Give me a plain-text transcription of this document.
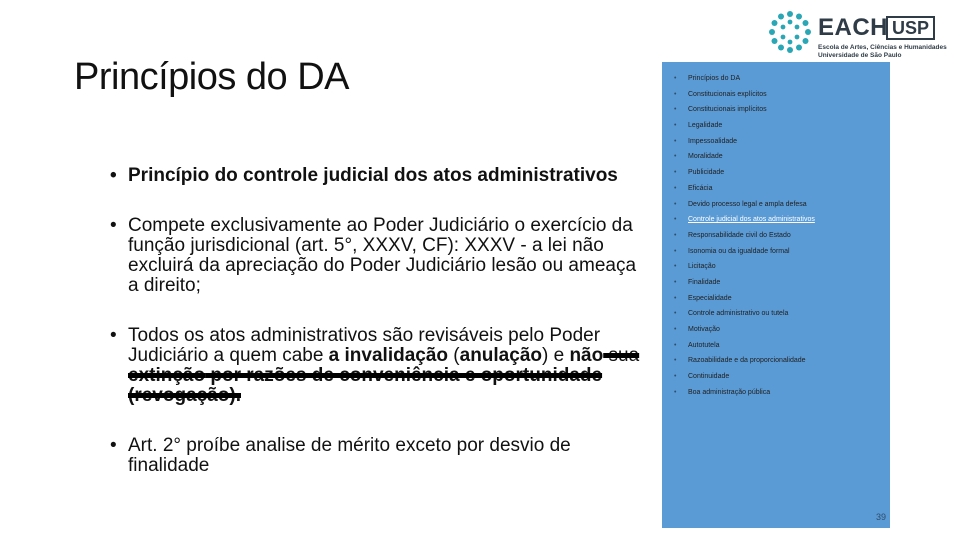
Princípios do DA
• Princípio do controle judicial dos atos administrativos
• Compete exclusivamente ao Poder Judiciário o exercício da função jurisdicional (art. 5°, XXXV, CF): XXXV - a lei não excluirá da apreciação do Poder Judiciário lesão ou ameaça a direito;
• Todos os atos administrativos são revisáveis pelo Poder Judiciário a quem cabe a invalidação (anulação) e não sua extinção por razões de conveniência e oportunidade (revogação).
• Art. 2° proíbe analise de mérito exceto por desvio de finalidade
EACH USP
Escola de Artes, Ciências e Humanidades
Universidade de São Paulo
• Princípios do DA
• Constitucionais explícitos
• Constitucionais implícitos
• Legalidade
• Impessoalidade
• Moralidade
• Publicidade
• Eficácia
• Devido processo legal e ampla defesa
• Controle judicial dos atos administrativos
• Responsabilidade civil do Estado
• Isonomia ou da igualdade formal
• Licitação
• Finalidade
• Especialidade
• Controle administrativo ou tutela
• Motivação
• Autotutela
• Razoabilidade e da proporcionalidade
• Continuidade
• Boa administração pública
39
